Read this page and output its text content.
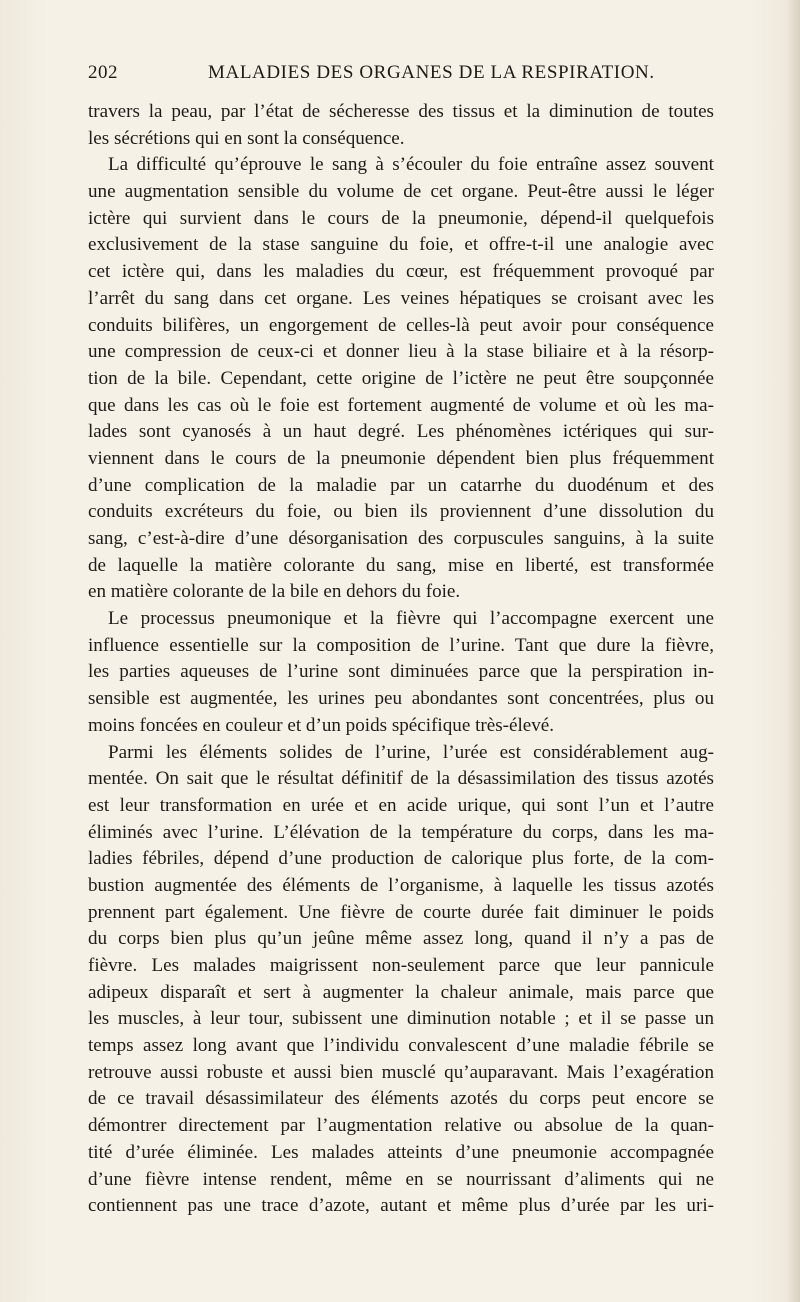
202	MALADIES DES ORGANES DE LA RESPIRATION.
travers la peau, par l’état de sécheresse des tissus et la diminution de toutes
les sécrétions qui en sont la conséquence.
La difficulté qu’éprouve le sang à s’écouler du foie entraîne assez souvent
une augmentation sensible du volume de cet organe. Peut-être aussi le léger
ictère qui survient dans le cours de la pneumonie, dépend-il quelquefois
exclusivement de la stase sanguine du foie, et offre-t-il une analogie avec
cet ictère qui, dans les maladies du cœur, est fréquemment provoqué par
l’arrêt du sang dans cet organe. Les veines hépatiques se croisant avec les
conduits bilifères, un engorgement de celles-là peut avoir pour conséquence
une compression de ceux-ci et donner lieu à la stase biliaire et à la résorp-
tion de la bile. Cependant, cette origine de l’ictère ne peut être soupçonnée
que dans les cas où le foie est fortement augmenté de volume et où les ma-
lades sont cyanosés à un haut degré. Les phénomènes ictériques qui sur-
viennent dans le cours de la pneumonie dépendent bien plus fréquemment
d’une complication de la maladie par un catarrhe du duodénum et des
conduits excréteurs du foie, ou bien ils proviennent d’une dissolution du
sang, c’est-à-dire d’une désorganisation des corpuscules sanguins, à la suite
de laquelle la matière colorante du sang, mise en liberté, est transformée
en matière colorante de la bile en dehors du foie.
Le processus pneumonique et la fièvre qui l’accompagne exercent une
influence essentielle sur la composition de l’urine. Tant que dure la fièvre,
les parties aqueuses de l’urine sont diminuées parce que la perspiration in-
sensible est augmentée, les urines peu abondantes sont concentrées, plus ou
moins foncées en couleur et d’un poids spécifique très-élevé.
Parmi les éléments solides de l’urine, l’urée est considérablement aug-
mentée. On sait que le résultat définitif de la désassimilation des tissus azotés
est leur transformation en urée et en acide urique, qui sont l’un et l’autre
éliminés avec l’urine. L’élévation de la température du corps, dans les ma-
ladies fébriles, dépend d’une production de calorique plus forte, de la com-
bustion augmentée des éléments de l’organisme, à laquelle les tissus azotés
prennent part également. Une fièvre de courte durée fait diminuer le poids
du corps bien plus qu’un jeûne même assez long, quand il n’y a pas de
fièvre. Les malades maigrissent non-seulement parce que leur pannicule
adipeux disparaît et sert à augmenter la chaleur animale, mais parce que
les muscles, à leur tour, subissent une diminution notable ; et il se passe un
temps assez long avant que l’individu convalescent d’une maladie fébrile se
retrouve aussi robuste et aussi bien musclé qu’auparavant. Mais l’exagération
de ce travail désassimilateur des éléments azotés du corps peut encore se
démontrer directement par l’augmentation relative ou absolue de la quan-
tité d’urée éliminée. Les malades atteints d’une pneumonie accompagnée
d’une fièvre intense rendent, même en se nourrissant d’aliments qui ne
contiennent pas une trace d’azote, autant et même plus d’urée par les uri-
